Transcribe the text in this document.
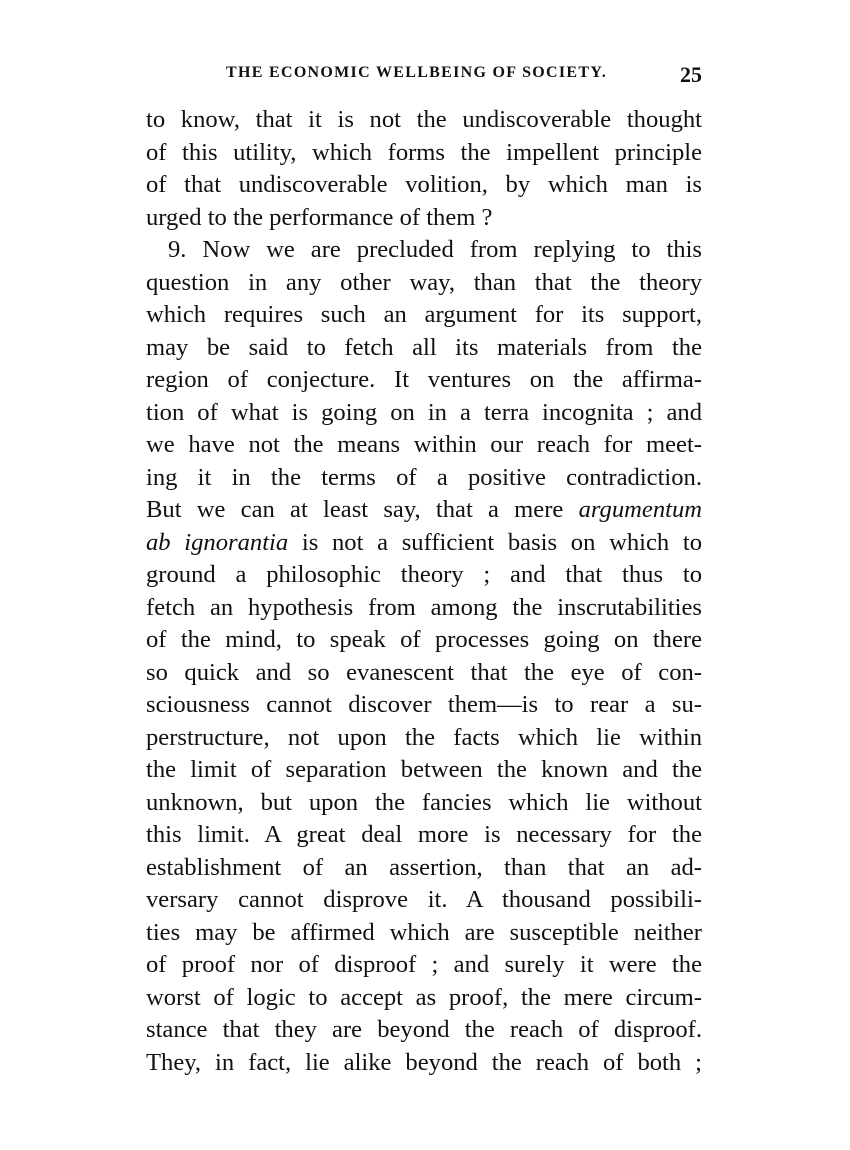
THE ECONOMIC WELLBEING OF SOCIETY.	25
to know, that it is not the undiscoverable thought
of this utility, which forms the impellent principle
of that undiscoverable volition, by which man is
urged to the performance of them ?
9. Now we are precluded from replying to this
question in any other way, than that the theory
which requires such an argument for its support,
may be said to fetch all its materials from the
region of conjecture. It ventures on the affirma-
tion of what is going on in a terra incognita ; and
we have not the means within our reach for meet-
ing it in the terms of a positive contradiction.
But we can at least say, that a mere argumentum
ab ignorantia is not a sufficient basis on which to
ground a philosophic theory ; and that thus to
fetch an hypothesis from among the inscrutabilities
of the mind, to speak of processes going on there
so quick and so evanescent that the eye of con-
sciousness cannot discover them—is to rear a su-
perstructure, not upon the facts which lie within
the limit of separation between the known and the
unknown, but upon the fancies which lie without
this limit. A great deal more is necessary for the
establishment of an assertion, than that an ad-
versary cannot disprove it. A thousand possibili-
ties may be affirmed which are susceptible neither
of proof nor of disproof ; and surely it were the
worst of logic to accept as proof, the mere circum-
stance that they are beyond the reach of disproof.
They, in fact, lie alike beyond the reach of both ;
